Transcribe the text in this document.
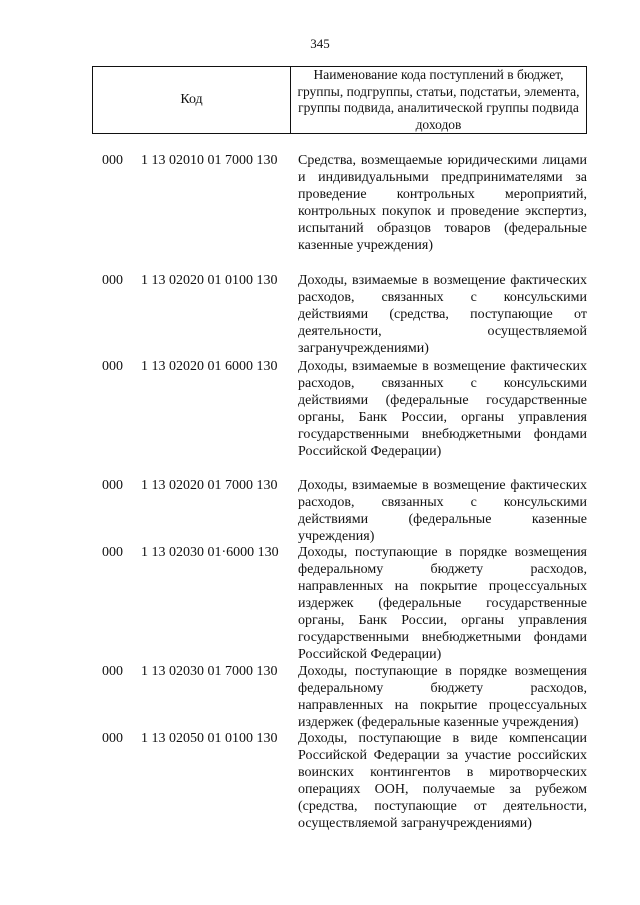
345
Код
Наименование кода поступлений в бюджет, группы, подгруппы, статьи, подстатьи, элемента, группы подвида, аналитической группы подвида доходов
000 1 13 02010 01 7000 130 Средства, возмещаемые юридическими лицами и индивидуальными предпринимателями за проведение контрольных мероприятий, контрольных покупок и проведение экспертиз, испытаний образцов товаров (федеральные казенные учреждения)
000 1 13 02020 01 0100 130 Доходы, взимаемые в возмещение фактических расходов, связанных с консульскими действиями (средства, поступающие от деятельности, осуществляемой загранучреждениями)
000 1 13 02020 01 6000 130 Доходы, взимаемые в возмещение фактических расходов, связанных с консульскими действиями (федеральные государственные органы, Банк России, органы управления государственными внебюджетными фондами Российской Федерации)
000 1 13 02020 01 7000 130 Доходы, взимаемые в возмещение фактических расходов, связанных с консульскими действиями (федеральные казенные учреждения)
000 1 13 02030 01·6000 130 Доходы, поступающие в порядке возмещения федеральному бюджету расходов, направленных на покрытие процессуальных издержек (федеральные государственные органы, Банк России, органы управления государственными внебюджетными фондами Российской Федерации)
000 1 13 02030 01 7000 130 Доходы, поступающие в порядке возмещения федеральному бюджету расходов, направленных на покрытие процессуальных издержек (федеральные казенные учреждения)
000 1 13 02050 01 0100 130 Доходы, поступающие в виде компенсации Российской Федерации за участие российских воинских контингентов в миротворческих операциях ООН, получаемые за рубежом (средства, поступающие от деятельности, осуществляемой загранучреждениями)
